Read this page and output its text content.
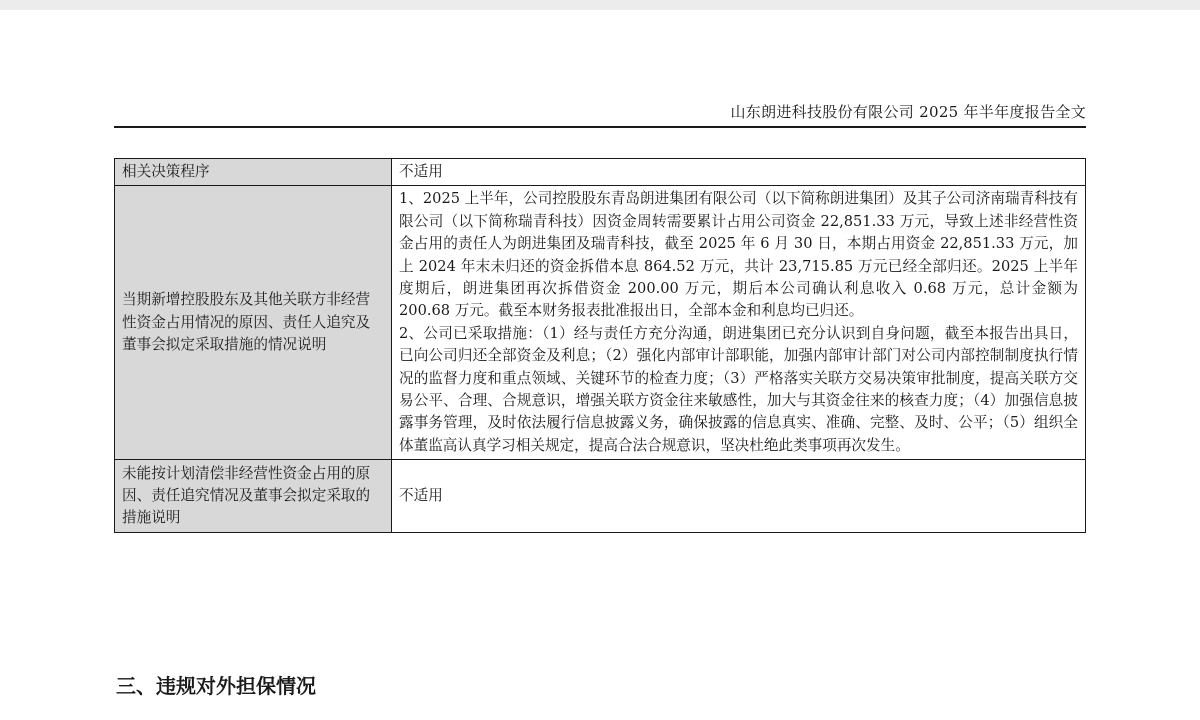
山东朗进科技股份有限公司 2025 年半年度报告全文
相关决策程序	不适用

当期新增控股股东及其他关联方非经营性资金占用情况的原因、责任人追究及董事会拟定采取措施的情况说明	1、2025 上半年，公司控股股东青岛朗进集团有限公司（以下简称朗进集团）及其子公司济南瑞青科技有限公司（以下简称瑞青科技）因资金周转需要累计占用公司资金 22,851.33 万元，导致上述非经营性资金占用的责任人为朗进集团及瑞青科技，截至 2025 年 6 月 30 日，本期占用资金 22,851.33 万元，加上 2024 年末未归还的资金拆借本息 864.52 万元，共计 23,715.85 万元已经全部归还。2025 上半年度期后，朗进集团再次拆借资金 200.00 万元，期后本公司确认利息收入 0.68 万元，总计金额为 200.68 万元。截至本财务报表批准报出日，全部本金和利息均已归还。
2、公司已采取措施：（1）经与责任方充分沟通，朗进集团已充分认识到自身问题，截至本报告出具日，已向公司归还全部资金及利息；（2）强化内部审计部职能，加强内部审计部门对公司内部控制制度执行情况的监督力度和重点领域、关键环节的检查力度；（3）严格落实关联方交易决策审批制度，提高关联方交易公平、合理、合规意识，增强关联方资金往来敏感性，加大与其资金往来的核查力度；（4）加强信息披露事务管理，及时依法履行信息披露义务，确保披露的信息真实、准确、完整、及时、公平；（5）组织全体董监高认真学习相关规定，提高合法合规意识，坚决杜绝此类事项再次发生。

未能按计划清偿非经营性资金占用的原因、责任追究情况及董事会拟定采取的措施说明	不适用
三、违规对外担保情况
